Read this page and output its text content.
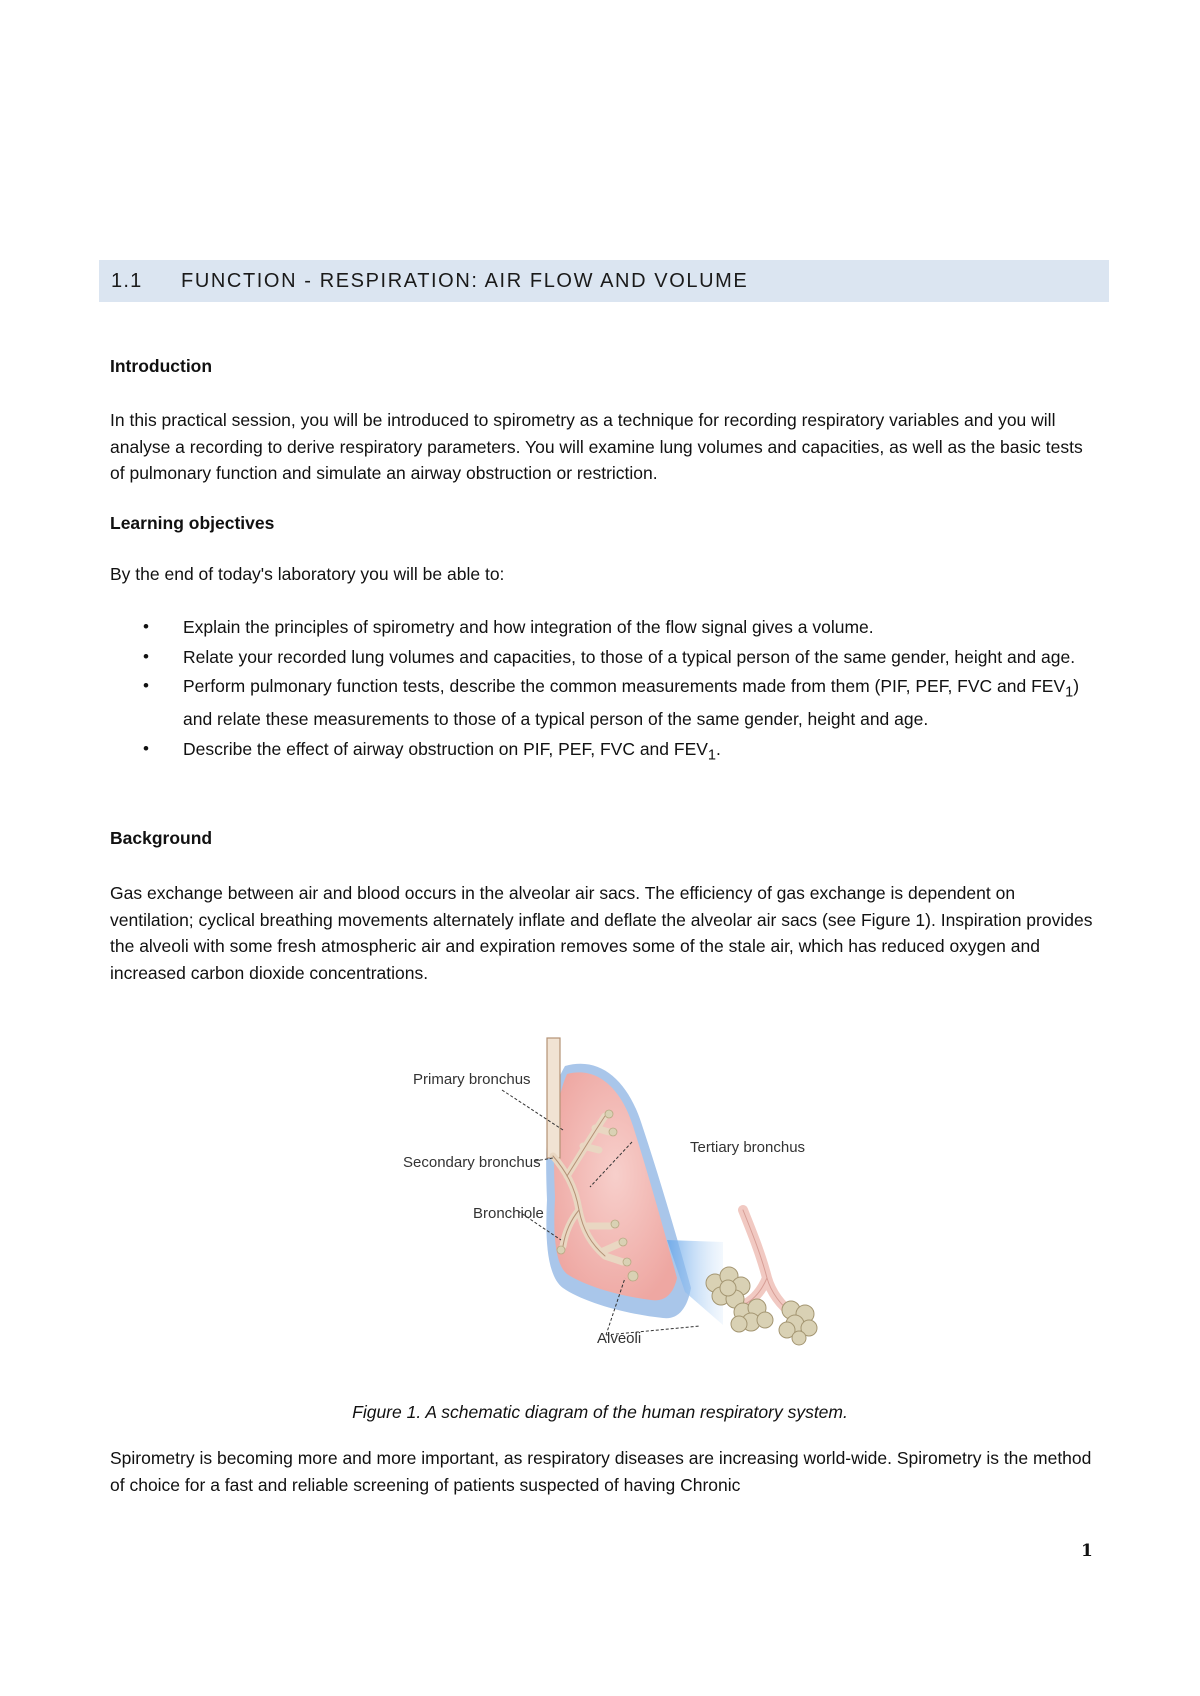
1.1	FUNCTION - RESPIRATION: AIR FLOW AND VOLUME
Introduction

In this practical session, you will be introduced to spirometry as a technique for recording respiratory variables and you will analyse a recording to derive respiratory parameters. You will examine lung volumes and capacities, as well as the basic tests of pulmonary function and simulate an airway obstruction or restriction.

Learning objectives

By the end of today's laboratory you will be able to:

• Explain the principles of spirometry and how integration of the flow signal gives a volume.
• Relate your recorded lung volumes and capacities, to those of a typical person of the same gender, height and age.
• Perform pulmonary function tests, describe the common measurements made from them (PIF, PEF, FVC and $FEV_1$) and relate these measurements to those of a typical person of the same gender, height and age.
• Describe the effect of airway obstruction on PIF, PEF, FVC and $FEV_1$.
Background

Gas exchange between air and blood occurs in the alveolar air sacs. The efficiency of gas exchange is dependent on ventilation; cyclical breathing movements alternately inflate and deflate the alveolar air sacs (see Figure 1). Inspiration provides the alveoli with some fresh atmospheric air and expiration removes some of the stale air, which has reduced oxygen and increased carbon dioxide concentrations.

Primary bronchus
Secondary bronchus
Tertiary bronchus
Bronchiole
Alveoli
Figure 1. A schematic diagram of the human respiratory system.

Spirometry is becoming more and more important, as respiratory diseases are increasing world-wide. Spirometry is the method of choice for a fast and reliable screening of patients suspected of having Chronic

1
